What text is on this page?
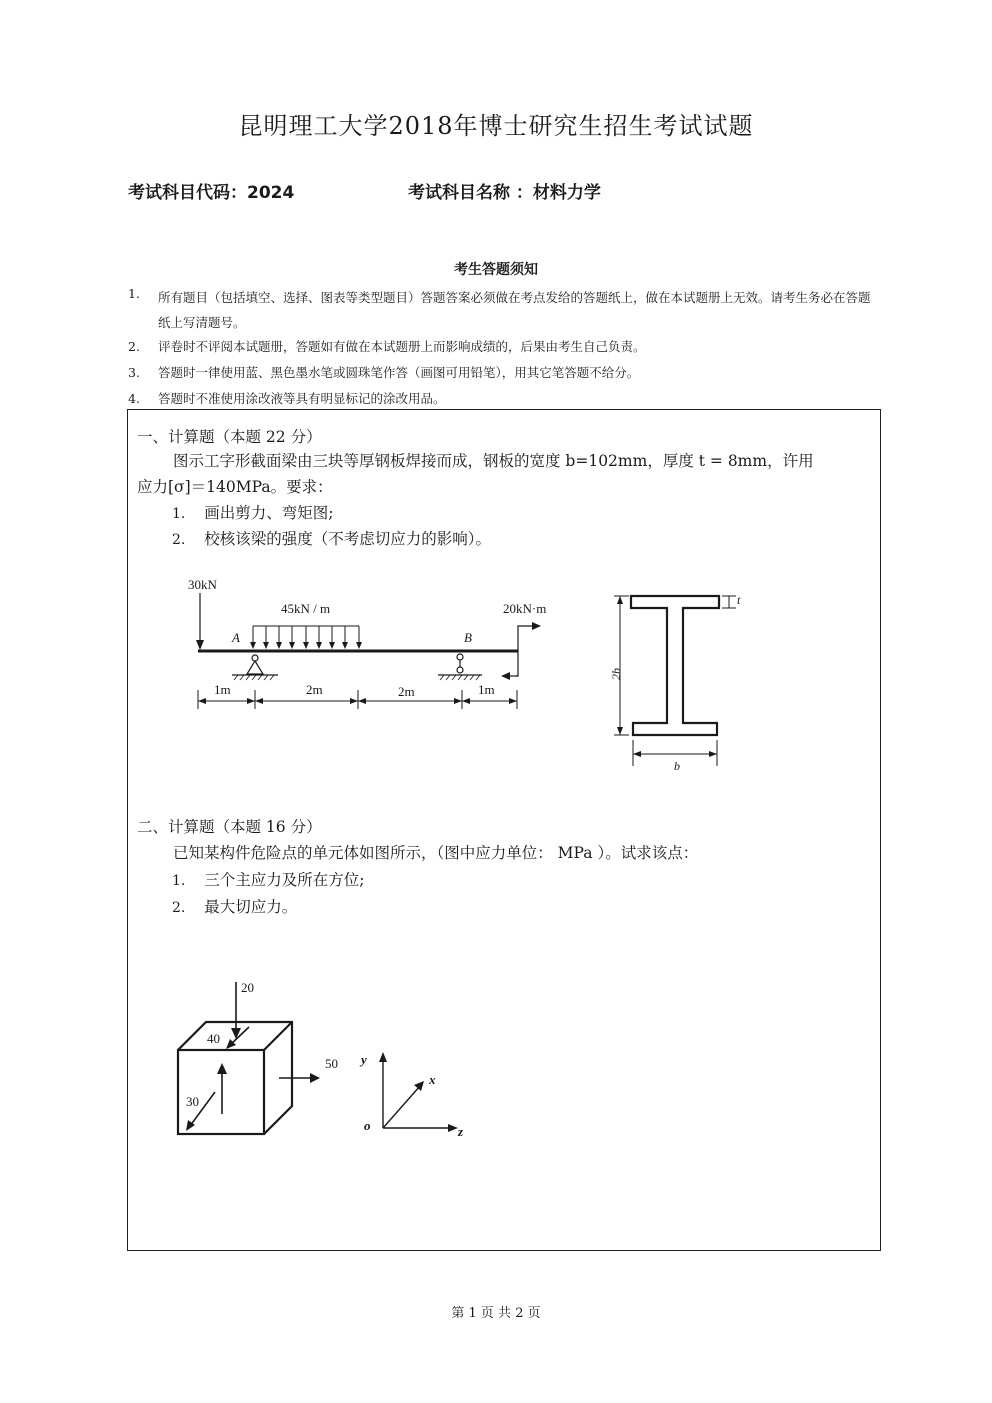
昆明理工大学2018年博士研究生招生考试试题
考试科目代码：2024	考试科目名称 ：材料力学
考生答题须知
1. 所有题目（包括填空、选择、图表等类型题目）答题答案必须做在考点发给的答题纸上，做在本试题册上无效。请考生务必在答题纸上写清题号。
2. 评卷时不评阅本试题册，答题如有做在本试题册上而影响成绩的，后果由考生自己负责。
3. 答题时一律使用蓝、黑色墨水笔或圆珠笔作答（画图可用铅笔），用其它笔答题不给分。
4. 答题时不准使用涂改液等具有明显标记的涂改用品。
一、计算题（本题 22 分）
图示工字形截面梁由三块等厚钢板焊接而成，钢板的宽度 b=102mm，厚度 t = 8mm，许用
应力[σ]＝140MPa。要求：
1. 画出剪力、弯矩图;
2. 校核该梁的强度（不考虑切应力的影响）。
30kN
45kN / m	20kN·m
A	B
1m	2m	2m	1m
t
2b
b
20
40
50
30
y
x
z
o
二、计算题（本题 16 分）
已知某构件危险点的单元体如图所示，（图中应力单位： MPa ）。试求该点：
1. 三个主应力及所在方位;
2. 最大切应力。
第 1 页 共 2 页
